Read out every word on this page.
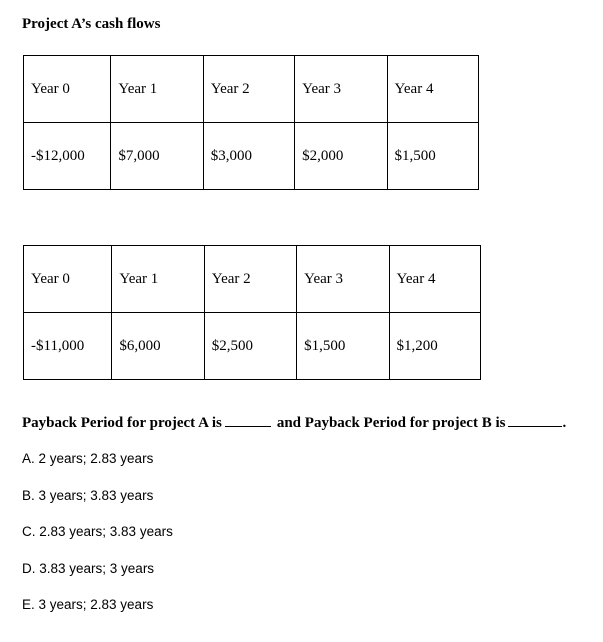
Project A’s cash flows

Year 0	Year 1	Year 2	Year 3	Year 4
-$12,000	$7,000	$3,000	$2,000	$1,500
Year 0	Year 1	Year 2	Year 3	Year 4
-$11,000	$6,000	$2,500	$1,500	$1,200

Payback Period for project A is	and Payback Period for project B is	.

A. 2 years; 2.83 years
B. 3 years; 3.83 years
C. 2.83 years; 3.83 years
D. 3.83 years; 3 years
E. 3 years; 2.83 years
